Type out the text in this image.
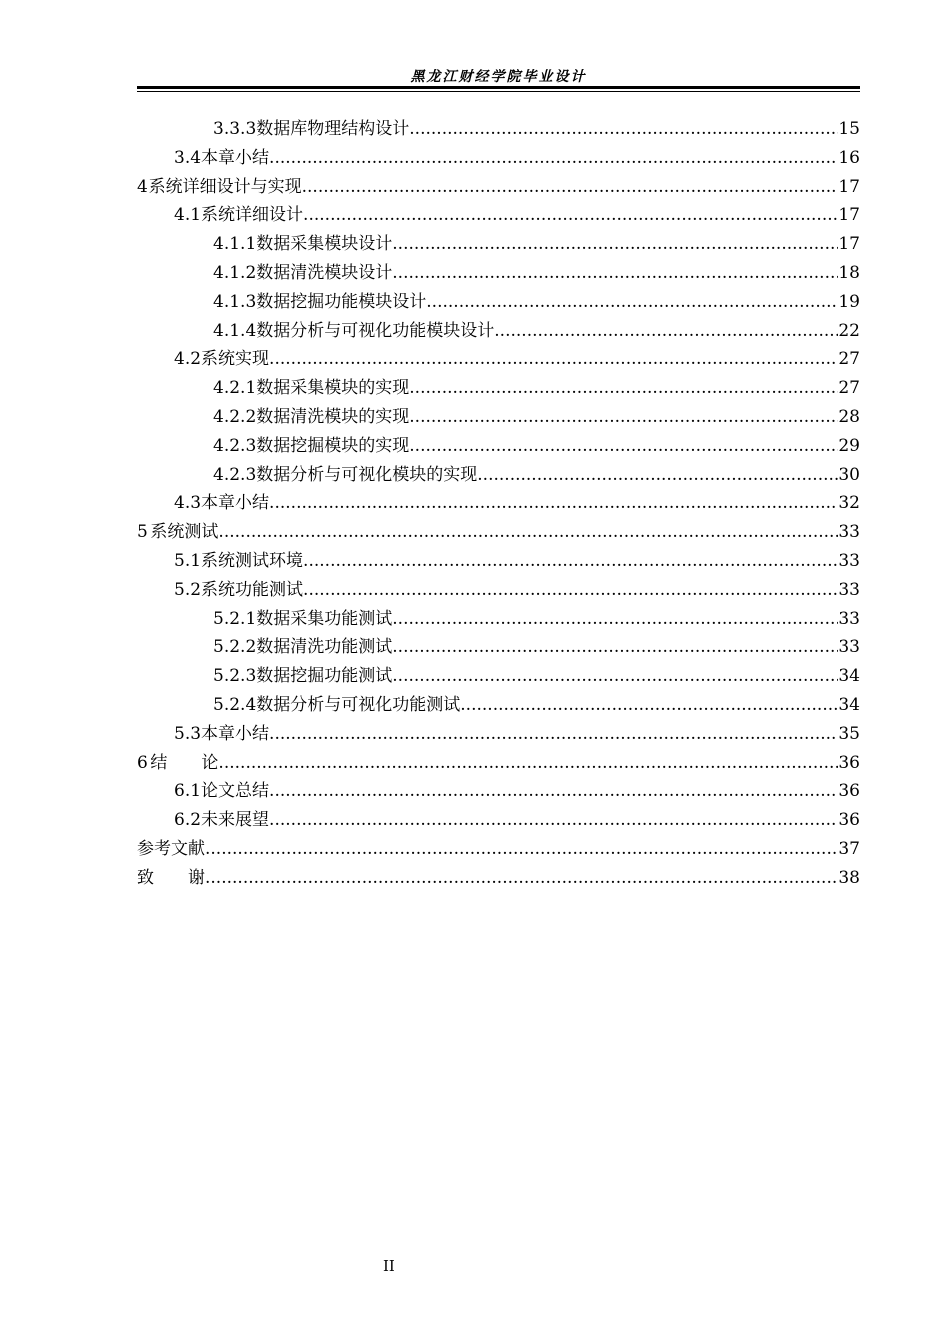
黑龙江财经学院毕业设计
3.3.3 数据库物理结构设计 .....	15
3.4 本章小结 .....	16
4 系统详细设计与实现 .....	17
4.1 系统详细设计 .....	17
4.1.1 数据采集模块设计 .....	17
4.1.2 数据清洗模块设计 .....	18
4.1.3 数据挖掘功能模块设计 .....	19
4.1.4 数据分析与可视化功能模块设计 .....	22
4.2 系统实现 .....	27
4.2.1 数据采集模块的实现 .....	27
4.2.2 数据清洗模块的实现 .....	28
4.2.3 数据挖掘模块的实现 .....	29
4.2.3 数据分析与可视化模块的实现 .....	30
4.3 本章小结 .....	32
5 系统测试 .....	33
5.1 系统测试环境 .....	33
5.2 系统功能测试 .....	33
5.2.1 数据采集功能测试 .....	33
5.2.2 数据清洗功能测试 .....	33
5.2.3 数据挖掘功能测试 .....	34
5.2.4 数据分析与可视化功能测试 .....	34
5.3 本章小结 .....	35
6 结　　论 .....	36
6.1 论文总结 .....	36
6.2 未来展望 .....	36
参考文献 .....	37
致　　谢 .....	38
II
